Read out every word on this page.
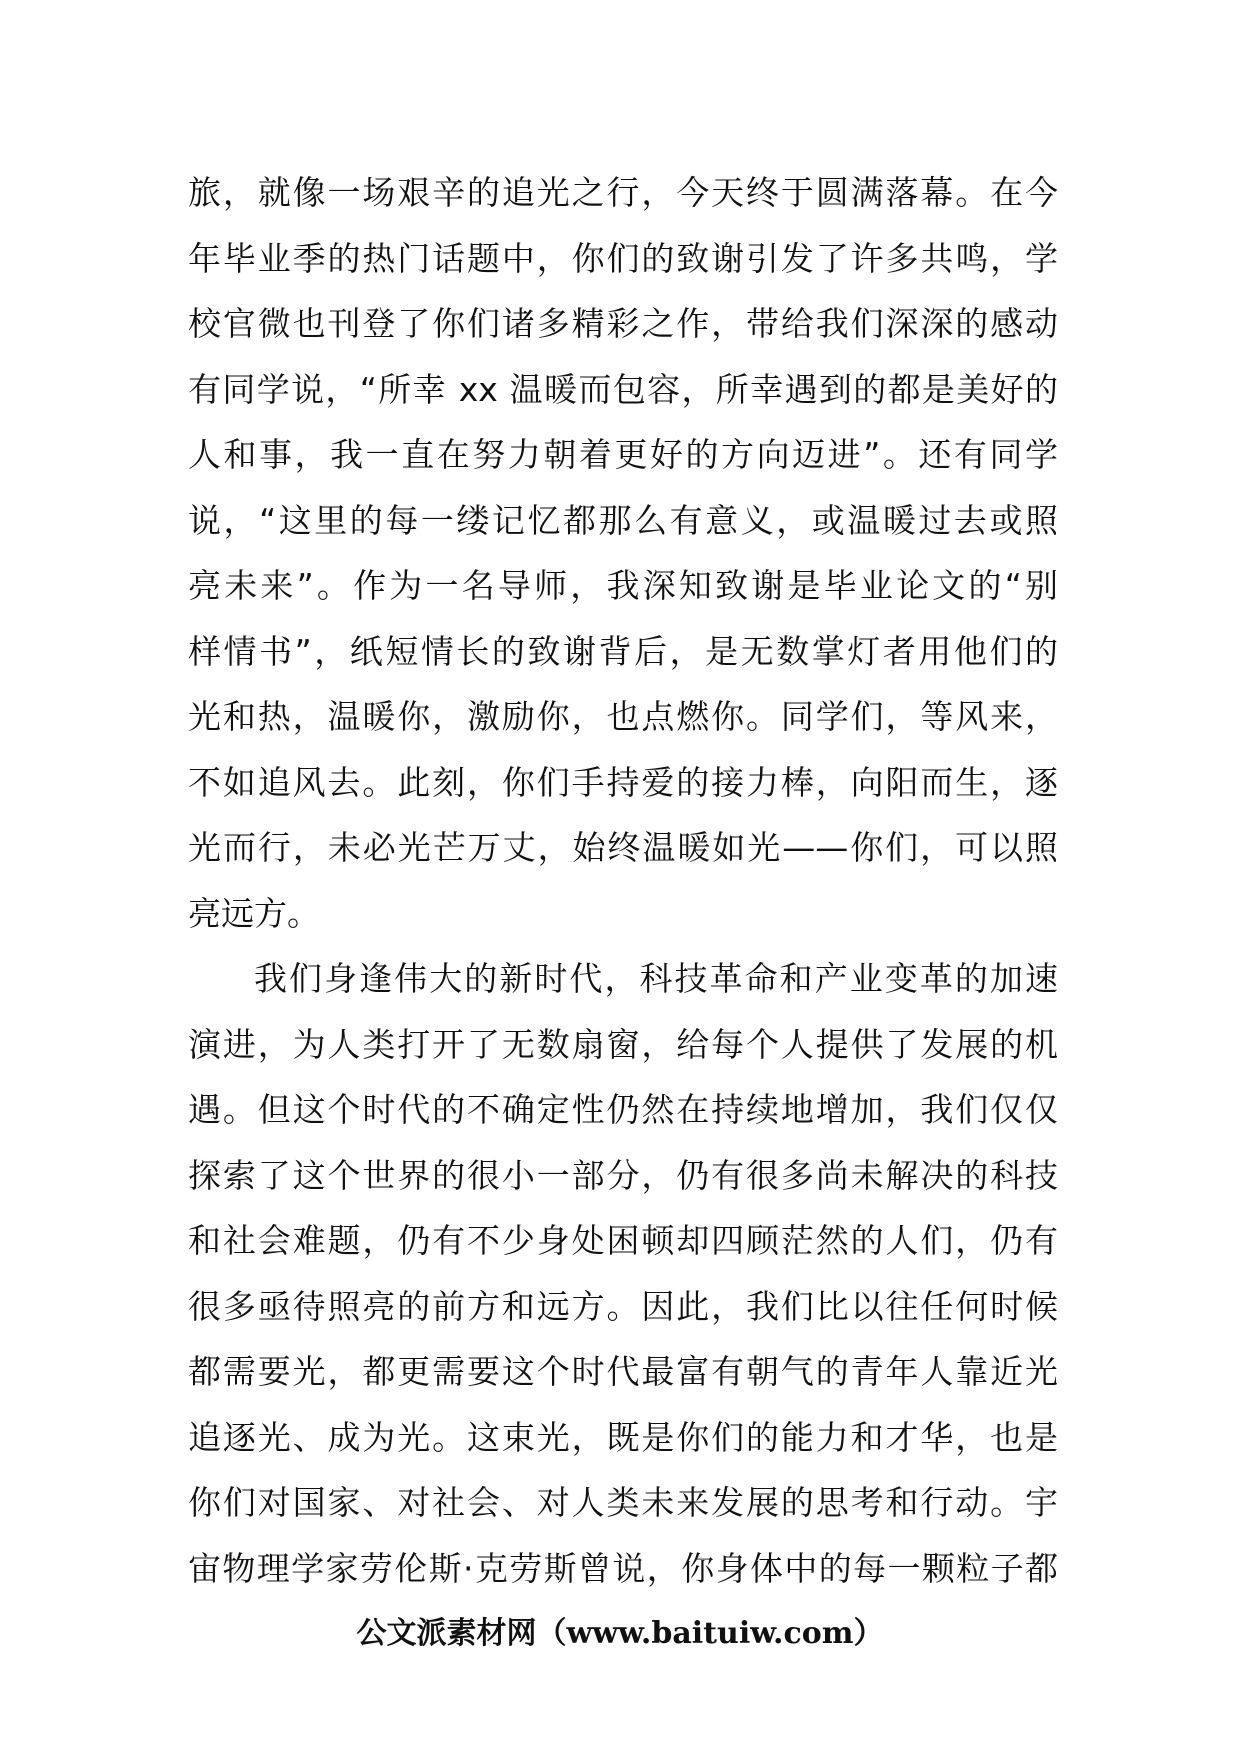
旅，就像一场艰辛的追光之行，今天终于圆满落幕。在今
年毕业季的热门话题中，你们的致谢引发了许多共鸣，学
校官微也刊登了你们诸多精彩之作，带给我们深深的感动
有同学说，“所幸 xx 温暖而包容，所幸遇到的都是美好的
人和事，我一直在努力朝着更好的方向迈进”。还有同学
说，“这里的每一缕记忆都那么有意义，或温暖过去或照
亮未来”。作为一名导师，我深知致谢是毕业论文的“别
样情书”，纸短情长的致谢背后，是无数掌灯者用他们的
光和热，温暖你，激励你，也点燃你。同学们，等风来，
不如追风去。此刻，你们手持爱的接力棒，向阳而生，逐
光而行，未必光芒万丈，始终温暖如光——你们，可以照
亮远方。
我们身逢伟大的新时代，科技革命和产业变革的加速
演进，为人类打开了无数扇窗，给每个人提供了发展的机
遇。但这个时代的不确定性仍然在持续地增加，我们仅仅
探索了这个世界的很小一部分，仍有很多尚未解决的科技
和社会难题，仍有不少身处困顿却四顾茫然的人们，仍有
很多亟待照亮的前方和远方。因此，我们比以往任何时候
都需要光，都更需要这个时代最富有朝气的青年人靠近光
追逐光、成为光。这束光，既是你们的能力和才华，也是
你们对国家、对社会、对人类未来发展的思考和行动。宇
宙物理学家劳伦斯·克劳斯曾说，你身体中的每一颗粒子都
公文派素材网（www.baituiw.com）
